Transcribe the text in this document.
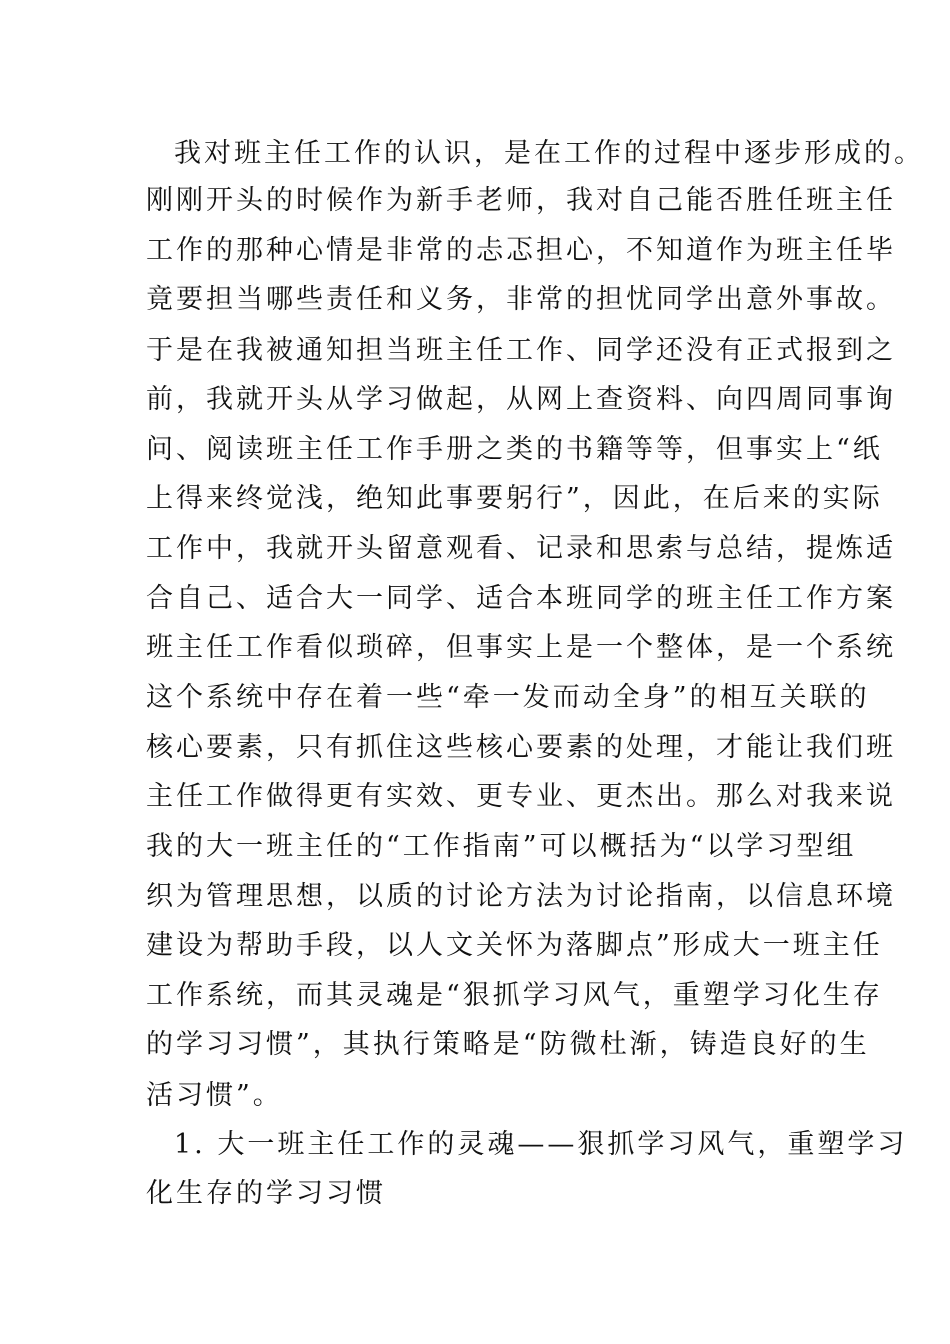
我对班主任工作的认识，是在工作的过程中逐步形成的。
刚刚开头的时候作为新手老师，我对自己能否胜任班主任
工作的那种心情是非常的忐忑担心，不知道作为班主任毕
竟要担当哪些责任和义务，非常的担忧同学出意外事故。
于是在我被通知担当班主任工作、同学还没有正式报到之
前，我就开头从学习做起，从网上查资料、向四周同事询
问、阅读班主任工作手册之类的书籍等等，但事实上“纸
上得来终觉浅，绝知此事要躬行”，因此，在后来的实际
工作中，我就开头留意观看、记录和思索与总结，提炼适
合自己、适合大一同学、适合本班同学的班主任工作方案
班主任工作看似琐碎，但事实上是一个整体，是一个系统
这个系统中存在着一些“牵一发而动全身”的相互关联的
核心要素，只有抓住这些核心要素的处理，才能让我们班
主任工作做得更有实效、更专业、更杰出。那么对我来说
我的大一班主任的“工作指南”可以概括为“以学习型组
织为管理思想，以质的讨论方法为讨论指南，以信息环境
建设为帮助手段，以人文关怀为落脚点”形成大一班主任
工作系统，而其灵魂是“狠抓学习风气，重塑学习化生存
的学习习惯”，其执行策略是“防微杜渐，铸造良好的生
活习惯”。
1. 大一班主任工作的灵魂——狠抓学习风气，重塑学习
化生存的学习习惯
